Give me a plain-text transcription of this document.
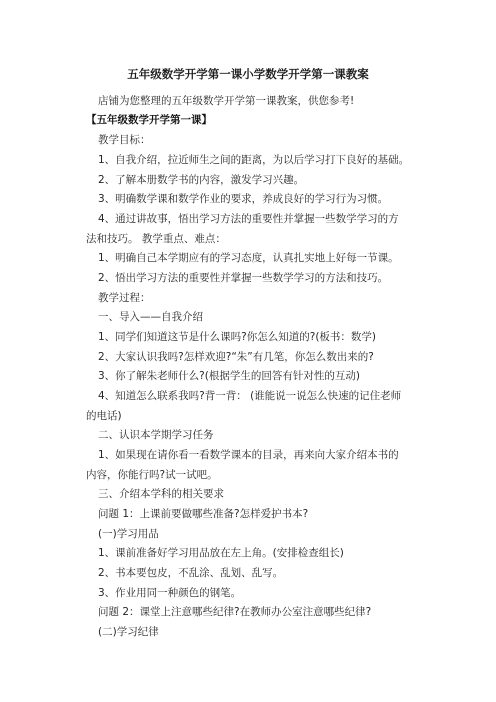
五年级数学开学第一课小学数学开学第一课教案
店铺为您整理的五年级数学开学第一课教案，供您参考!
【五年级数学开学第一课】
教学目标：
1、自我介绍，拉近师生之间的距离，为以后学习打下良好的基础。
2、了解本册数学书的内容，激发学习兴趣。
3、明确数学课和数学作业的要求，养成良好的学习行为习惯。
4、通过讲故事，悟出学习方法的重要性并掌握一些数学学习的方
法和技巧。 教学重点、难点：
1、明确自己本学期应有的学习态度，认真扎实地上好每一节课。
2、悟出学习方法的重要性并掌握一些数学学习的方法和技巧。
教学过程：
一、导入——自我介绍
1、同学们知道这节是什么课吗?你怎么知道的?(板书：数学)
2、大家认识我吗?怎样欢迎?“朱”有几笔，你怎么数出来的?
3、你了解朱老师什么?(根据学生的回答有针对性的互动)
4、知道怎么联系我吗?背一背： (谁能说一说怎么快速的记住老师
的电话)
二、认识本学期学习任务
1、如果现在请你看一看数学课本的目录，再来向大家介绍本书的
内容，你能行吗?试一试吧。
三、介绍本学科的相关要求
问题 1：上课前要做哪些准备?怎样爱护书本?
(一)学习用品
1、课前准备好学习用品放在左上角。(安排检查组长)
2、书本要包皮，不乱涂、乱划、乱写。
3、作业用同一种颜色的钢笔。
问题 2：课堂上注意哪些纪律?在教师办公室注意哪些纪律?
(二)学习纪律
